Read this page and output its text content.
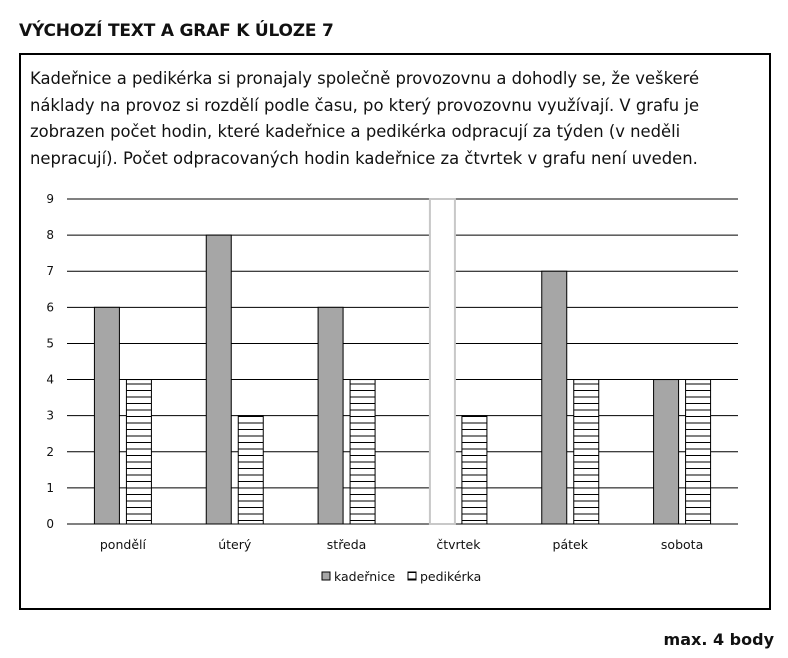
VÝCHOZÍ TEXT A GRAF K ÚLOZE 7

Kadeřnice a pedikérka si pronajaly společně provozovnu a dohodly se, že veškeré náklady na provoz si rozdělí podle času, po který provozovnu využívají. V grafu je zobrazen počet hodin, které kadeřnice a pedikérka odpracují za týden (v neděli nepracují). Počet odpracovaných hodin kadeřnice za čtvrtek v grafu není uveden.

0
1
2
3
4
5
6
7
8
9
pondělí	úterý	středa	čtvrtek	pátek	sobota
kadeřnice pedikérka
max. 4 body
